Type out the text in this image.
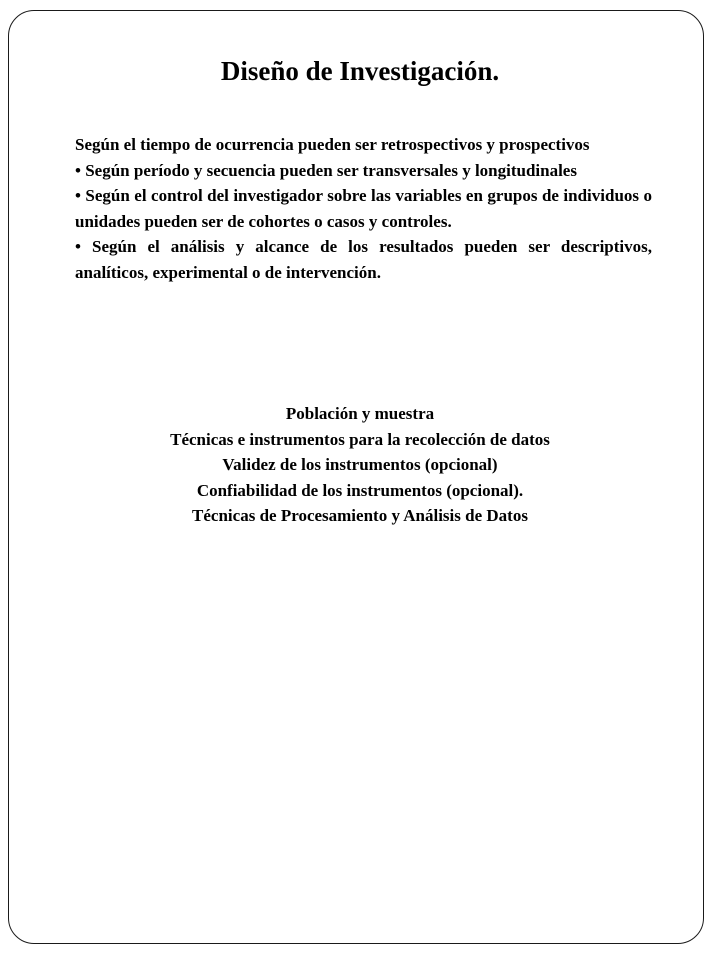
Diseño de Investigación.

Según el tiempo de ocurrencia pueden ser retrospectivos y prospectivos

• Según período y secuencia pueden ser transversales y longitudinales

• Según el control del investigador sobre las variables en grupos de individuos o unidades pueden ser de cohortes o casos y controles.

• Según el análisis y alcance de los resultados pueden ser descriptivos, analíticos, experimental o de intervención.

Población y muestra
Técnicas e instrumentos para la recolección de datos
Validez de los instrumentos (opcional)
Confiabilidad de los instrumentos (opcional).
Técnicas de Procesamiento y Análisis de Datos
